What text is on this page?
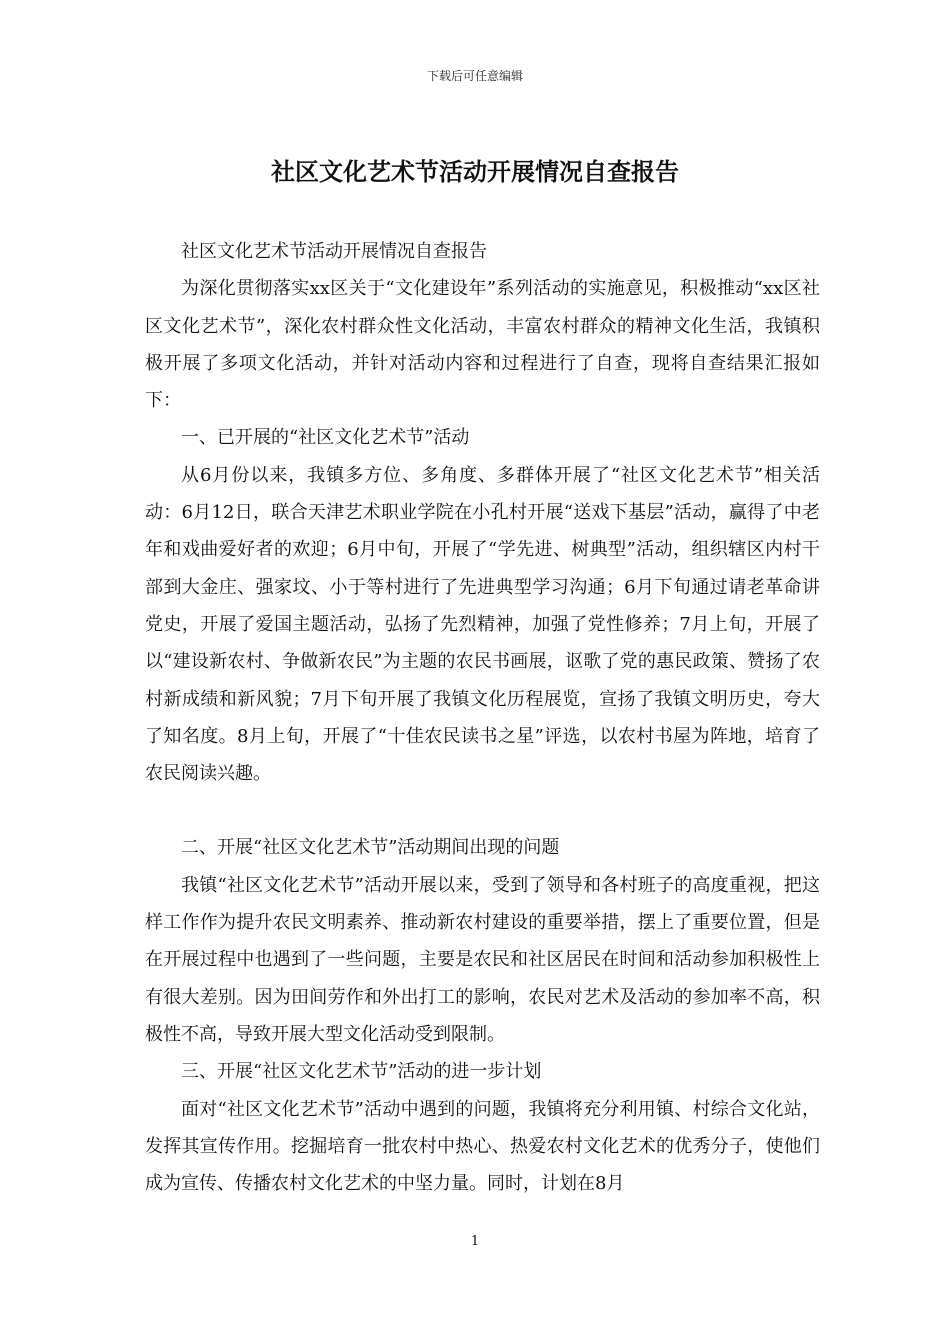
下载后可任意编辑
社区文化艺术节活动开展情况自查报告

社区文化艺术节活动开展情况自查报告

为深化贯彻落实xx区关于“文化建设年”系列活动的实施意见，积极推动“xx区社区文化艺术节”，深化农村群众性文化活动，丰富农村群众的精神文化生活，我镇积极开展了多项文化活动，并针对活动内容和过程进行了自查，现将自查结果汇报如下：

一、已开展的“社区文化艺术节”活动

从6月份以来，我镇多方位、多角度、多群体开展了“社区文化艺术节”相关活动：6月12日，联合天津艺术职业学院在小孔村开展“送戏下基层”活动，赢得了中老年和戏曲爱好者的欢迎；6月中旬，开展了“学先进、树典型”活动，组织辖区内村干部到大金庄、强家坟、小于等村进行了先进典型学习沟通；6月下旬通过请老革命讲党史，开展了爱国主题活动，弘扬了先烈精神，加强了党性修养；7月上旬，开展了以“建设新农村、争做新农民”为主题的农民书画展，讴歌了党的惠民政策、赞扬了农村新成绩和新风貌；7月下旬开展了我镇文化历程展览，宣扬了我镇文明历史，夸大了知名度。8月上旬，开展了“十佳农民读书之星”评选，以农村书屋为阵地，培育了农民阅读兴趣。

二、开展“社区文化艺术节”活动期间出现的问题

我镇“社区文化艺术节”活动开展以来，受到了领导和各村班子的高度重视，把这样工作作为提升农民文明素养、推动新农村建设的重要举措，摆上了重要位置，但是在开展过程中也遇到了一些问题，主要是农民和社区居民在时间和活动参加积极性上有很大差别。因为田间劳作和外出打工的影响，农民对艺术及活动的参加率不高，积极性不高，导致开展大型文化活动受到限制。

三、开展“社区文化艺术节”活动的进一步计划

面对“社区文化艺术节”活动中遇到的问题，我镇将充分利用镇、村综合文化站，发挥其宣传作用。挖掘培育一批农村中热心、热爱农村文化艺术的优秀分子，使他们成为宣传、传播农村文化艺术的中坚力量。同时，计划在8月

1
